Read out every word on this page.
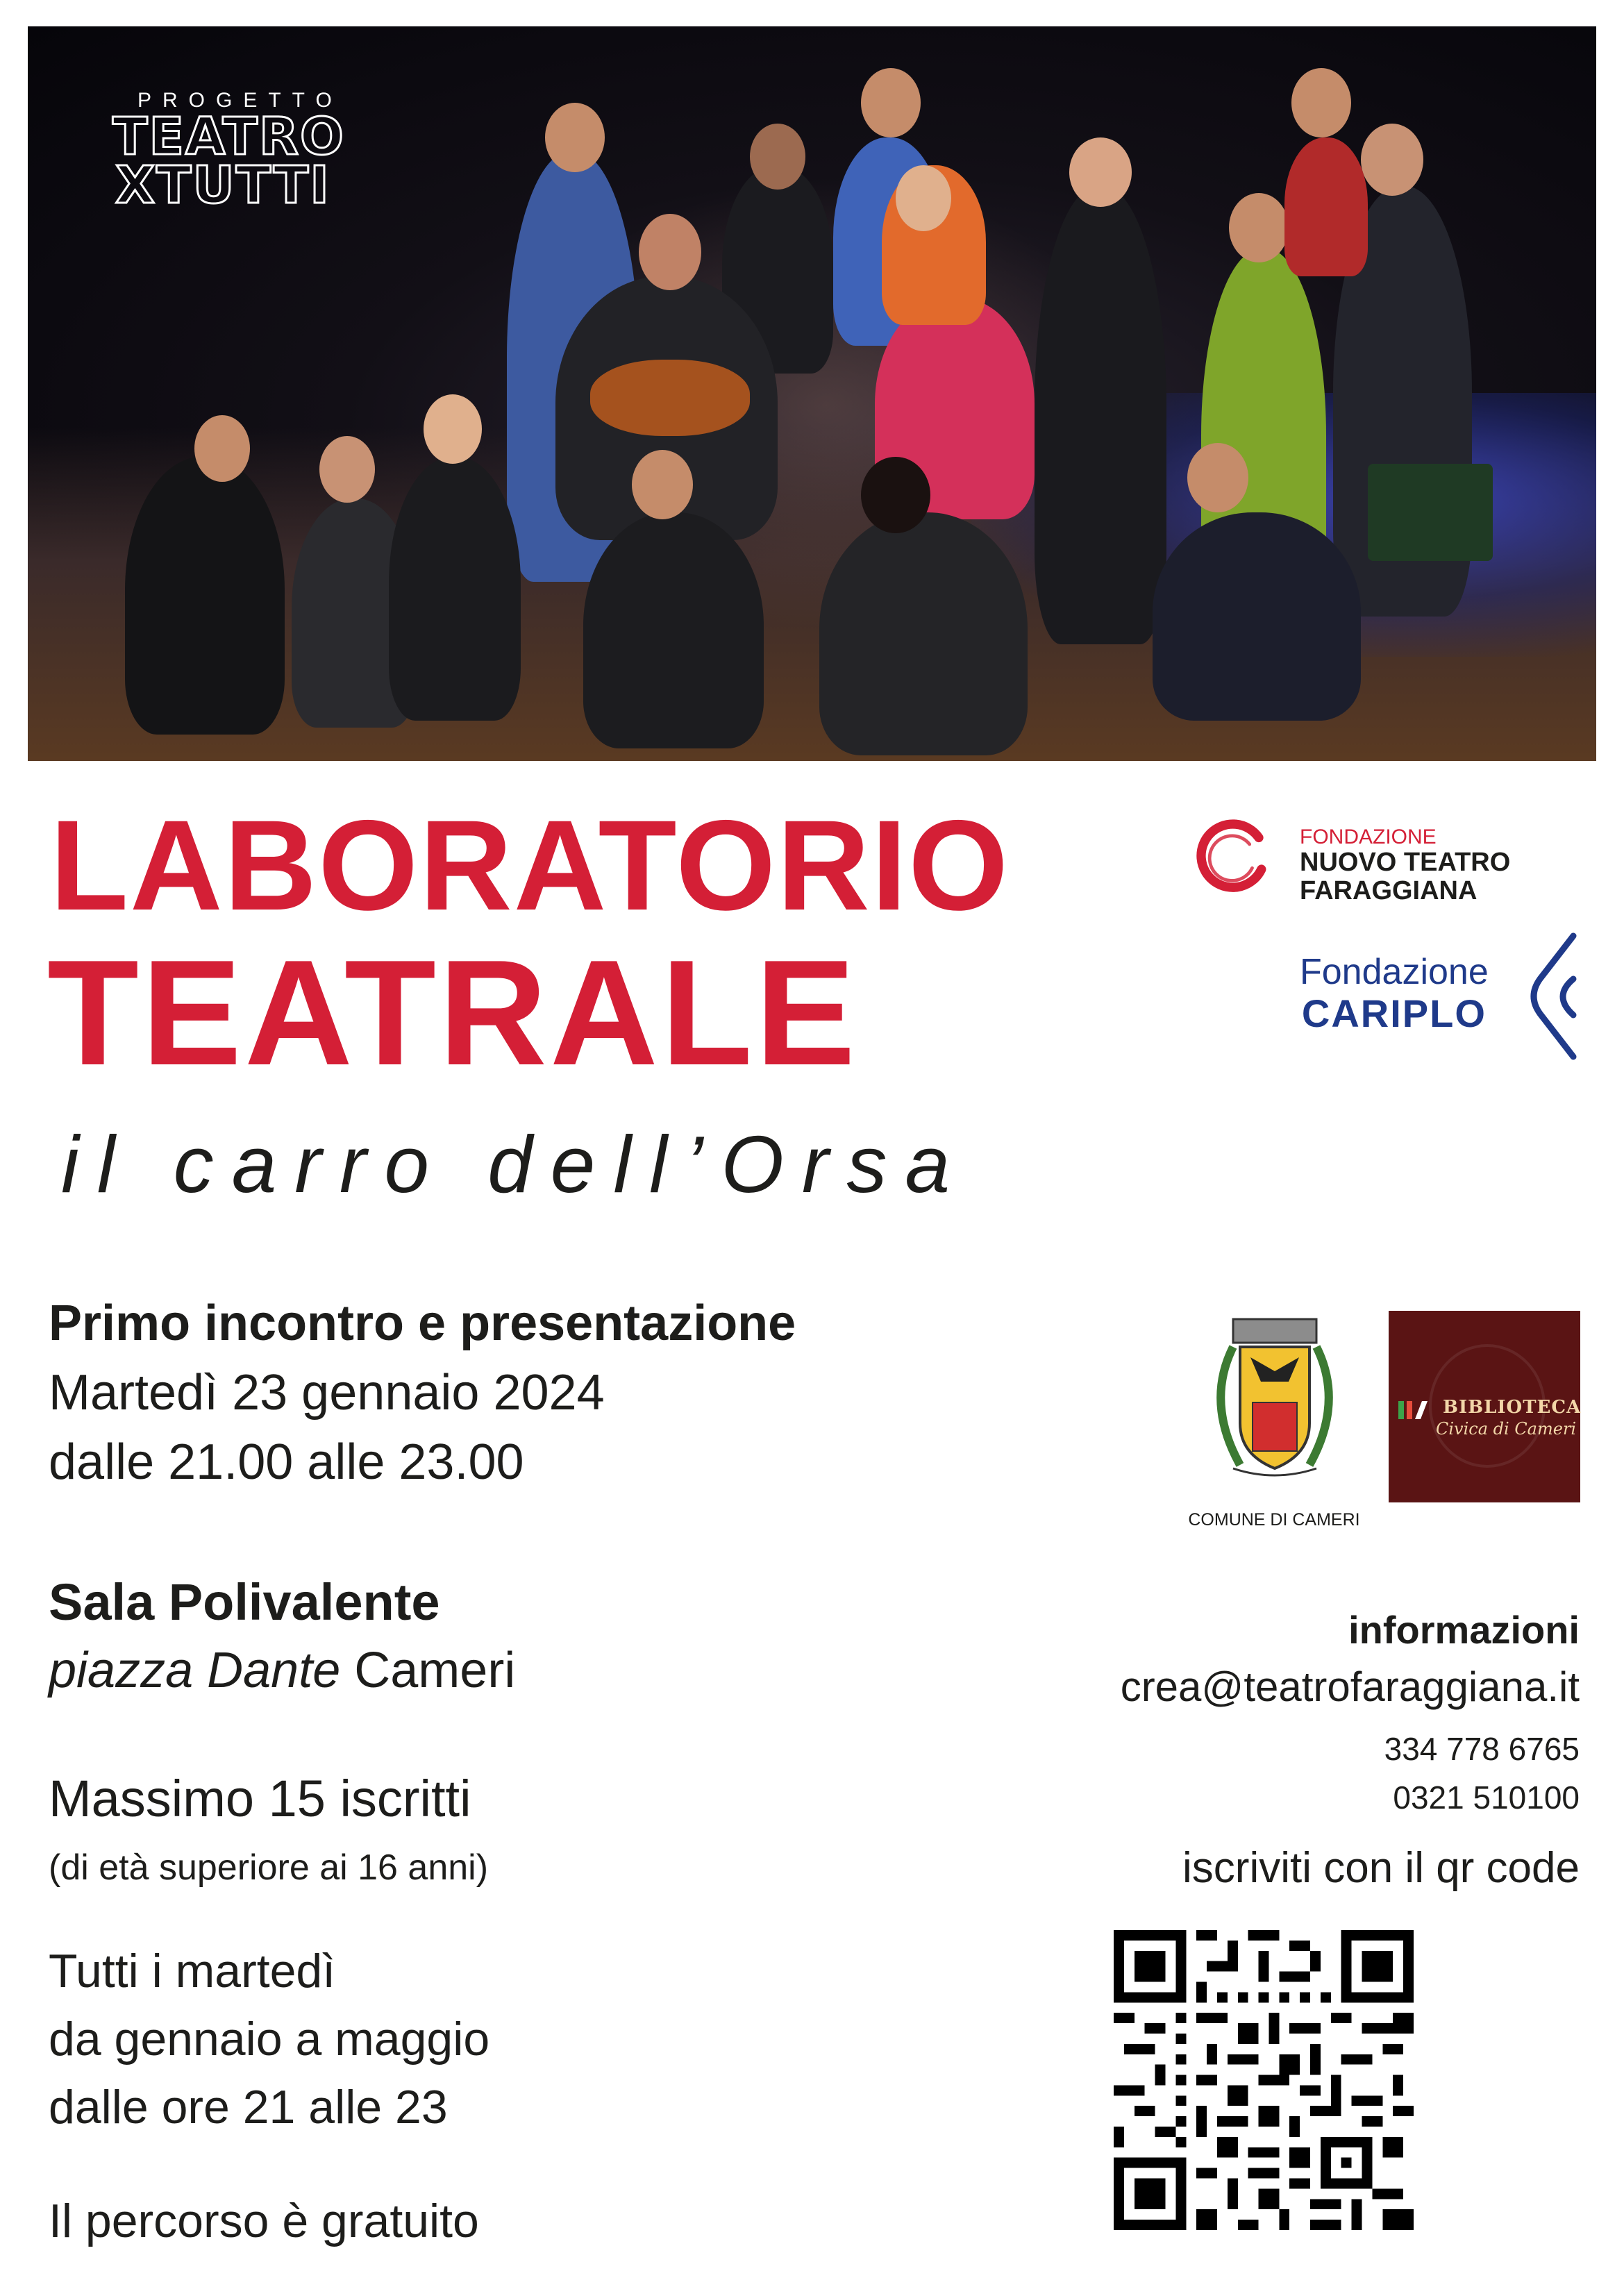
PROGETTO
TEATRO
XTUTTI
LABORATORIO
TEATRALE
il carro dell’Orsa
FONDAZIONE
NUOVO TEATRO
FARAGGIANA
Fondazione
CARIPLO
Primo incontro e presentazione
Martedì 23 gennaio 2024
dalle 21.00 alle 23.00
Sala Polivalente
piazza Dante Cameri
Massimo 15 iscritti
(di età superiore ai 16 anni)
Tutti i martedì
da gennaio a maggio
dalle ore 21 alle 23
Il percorso è gratuito
COMUNE DI CAMERI
BIBLIOTECA
Civica di Cameri
informazioni
crea@teatrofaraggiana.it
334 778 6765
0321 510100
iscriviti con il qr code
